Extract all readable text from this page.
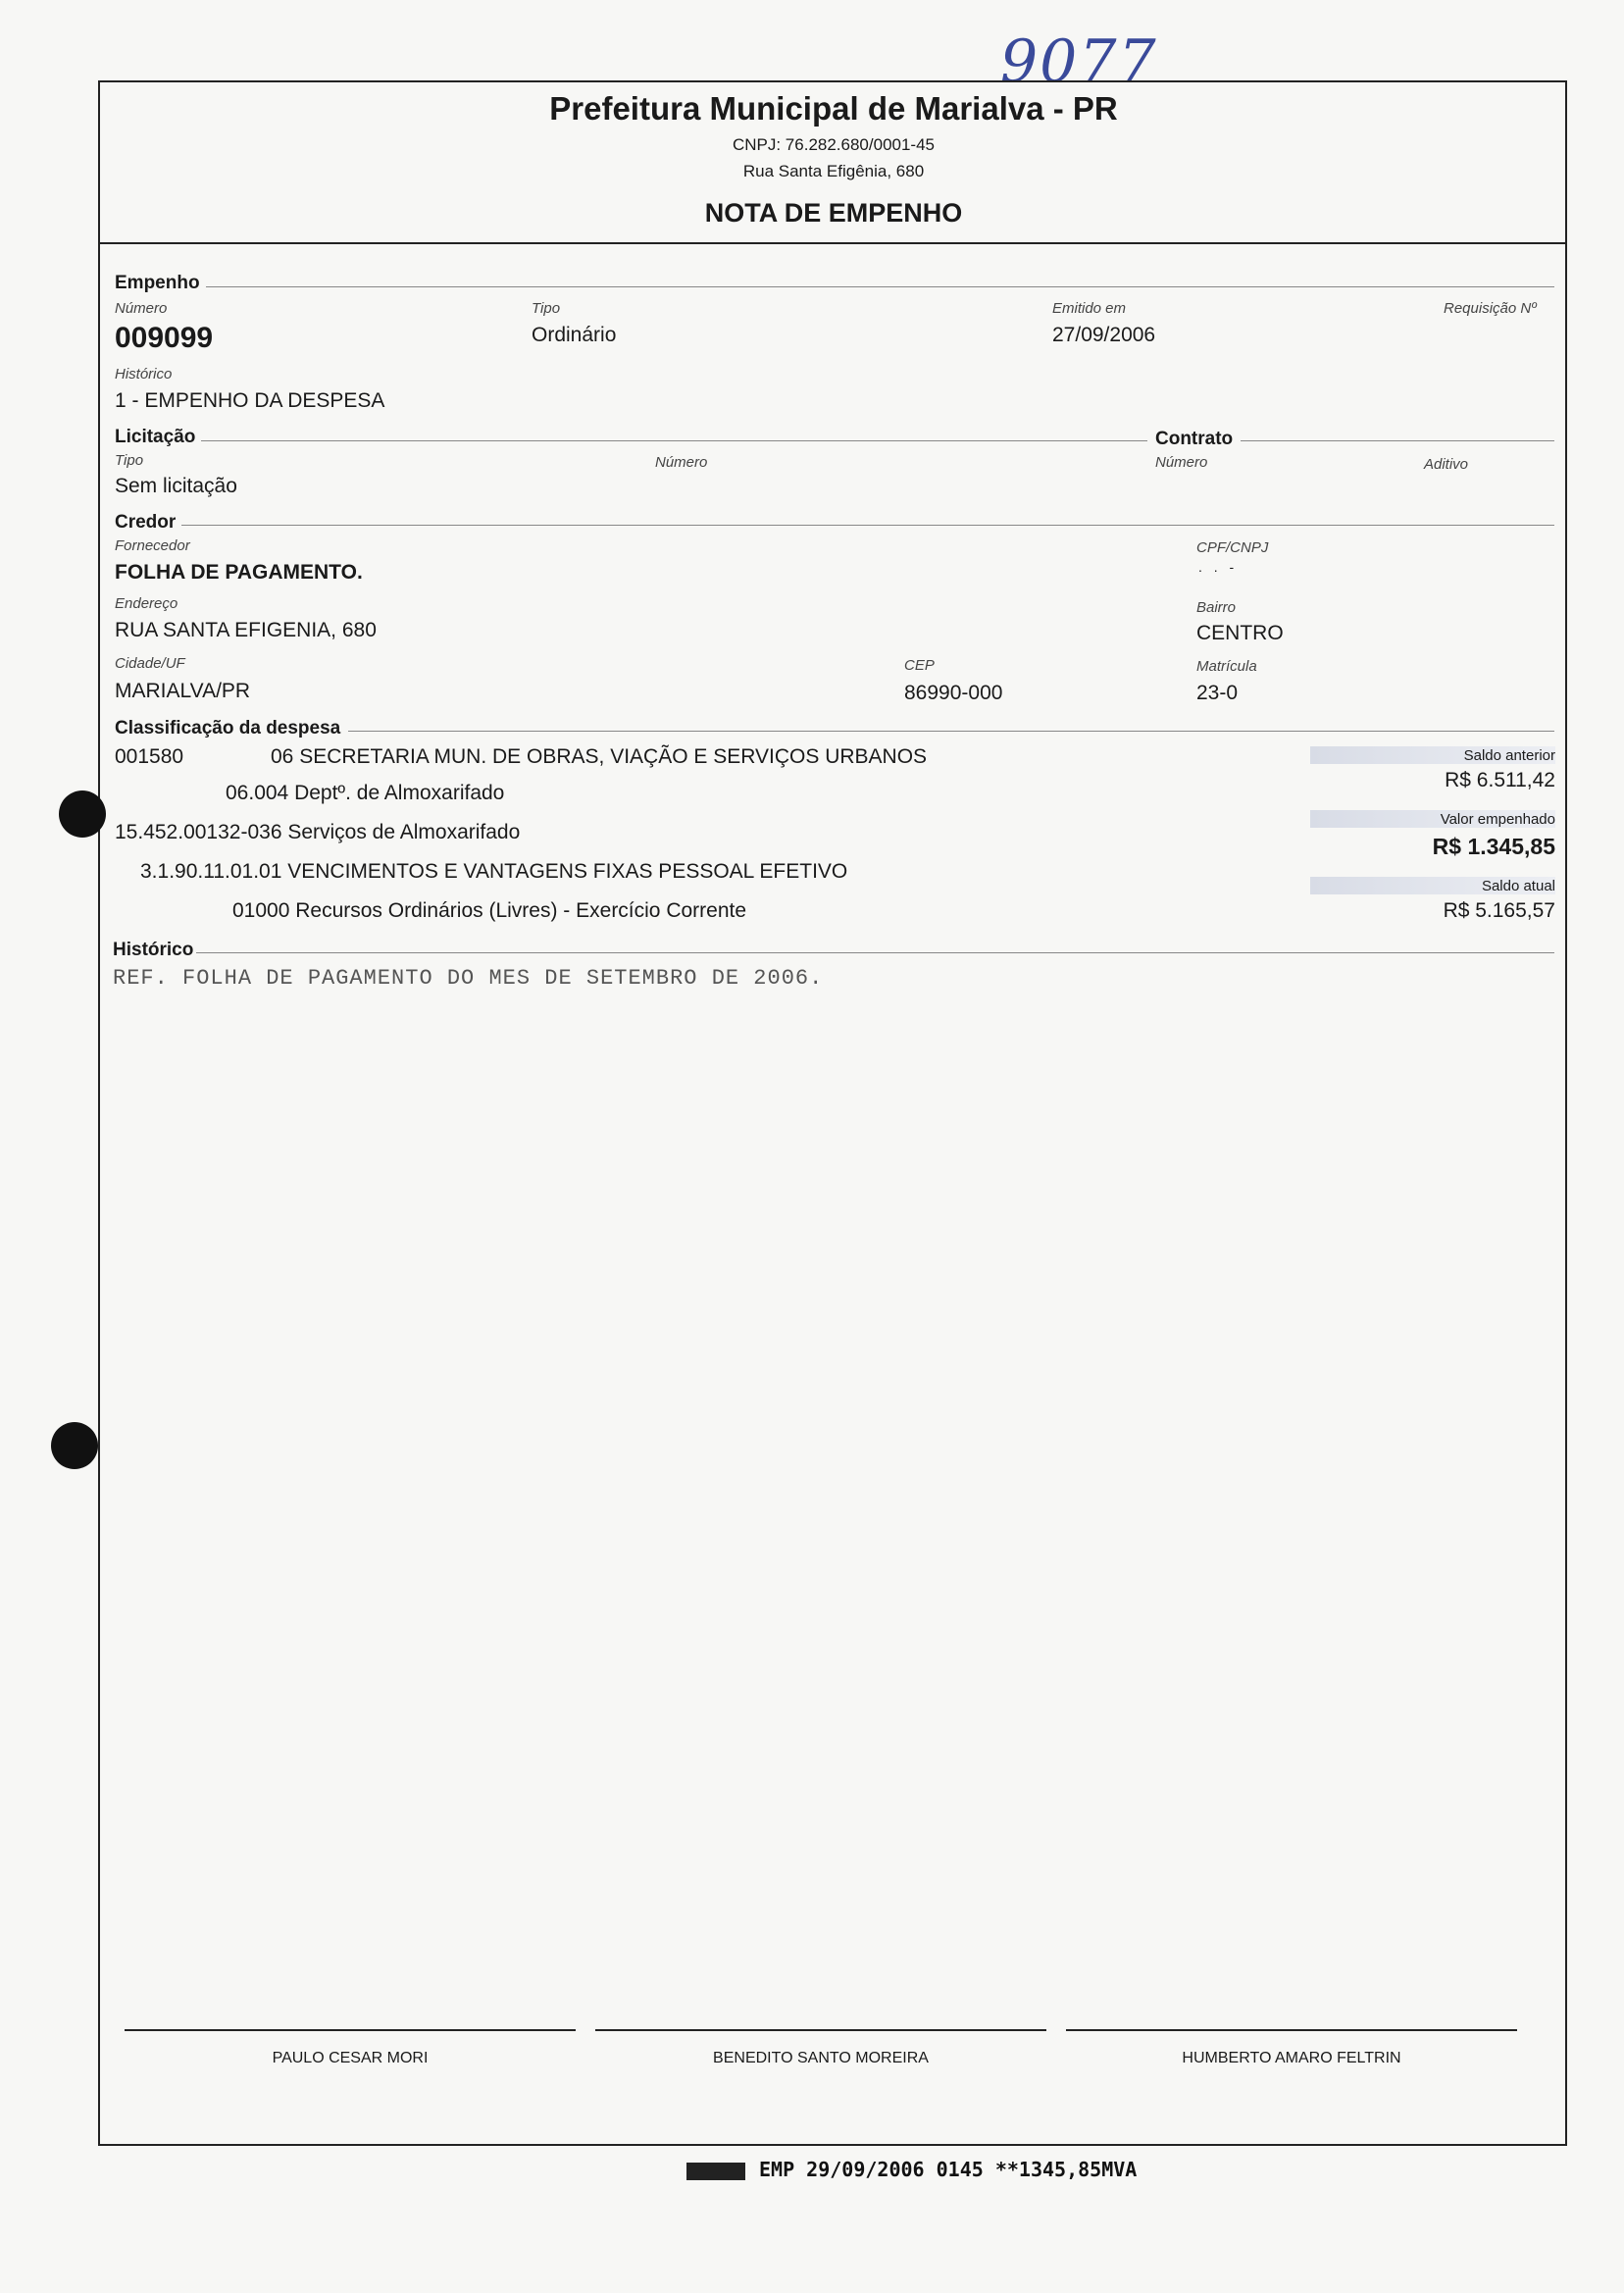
9077
Prefeitura Municipal de Marialva - PR
CNPJ: 76.282.680/0001-45
Rua Santa Efigênia, 680
NOTA DE EMPENHO
Empenho
Número
009099
Tipo
Ordinário
Emitido em
27/09/2006
Requisição Nº
Histórico
1 - EMPENHO DA DESPESA
Licitação	Contrato
Tipo
Sem licitação
Número	Número	Aditivo
Credor
Fornecedor
FOLHA DE PAGAMENTO.
CPF/CNPJ
. . -
Endereço
RUA SANTA EFIGENIA, 680
Bairro
CENTRO
Cidade/UF
MARIALVA/PR
CEP
86990-000
Matrícula
23-0
Classificação da despesa
001580	06 SECRETARIA MUN. DE OBRAS, VIAÇÃO E SERVIÇOS URBANOS
06.004 Deptº. de Almoxarifado
15.452.00132-036 Serviços de Almoxarifado
3.1.90.11.01.01 VENCIMENTOS E VANTAGENS FIXAS PESSOAL EFETIVO
01000 Recursos Ordinários (Livres) - Exercício Corrente
Saldo anterior
R$ 6.511,42
Valor empenhado
R$ 1.345,85
Saldo atual
R$ 5.165,57
Histórico
REF. FOLHA DE PAGAMENTO DO MES DE SETEMBRO DE 2006.
PAULO CESAR MORI	BENEDITO SANTO MOREIRA	HUMBERTO AMARO FELTRIN
EMP 29/09/2006 0145 **1345,85MVA
